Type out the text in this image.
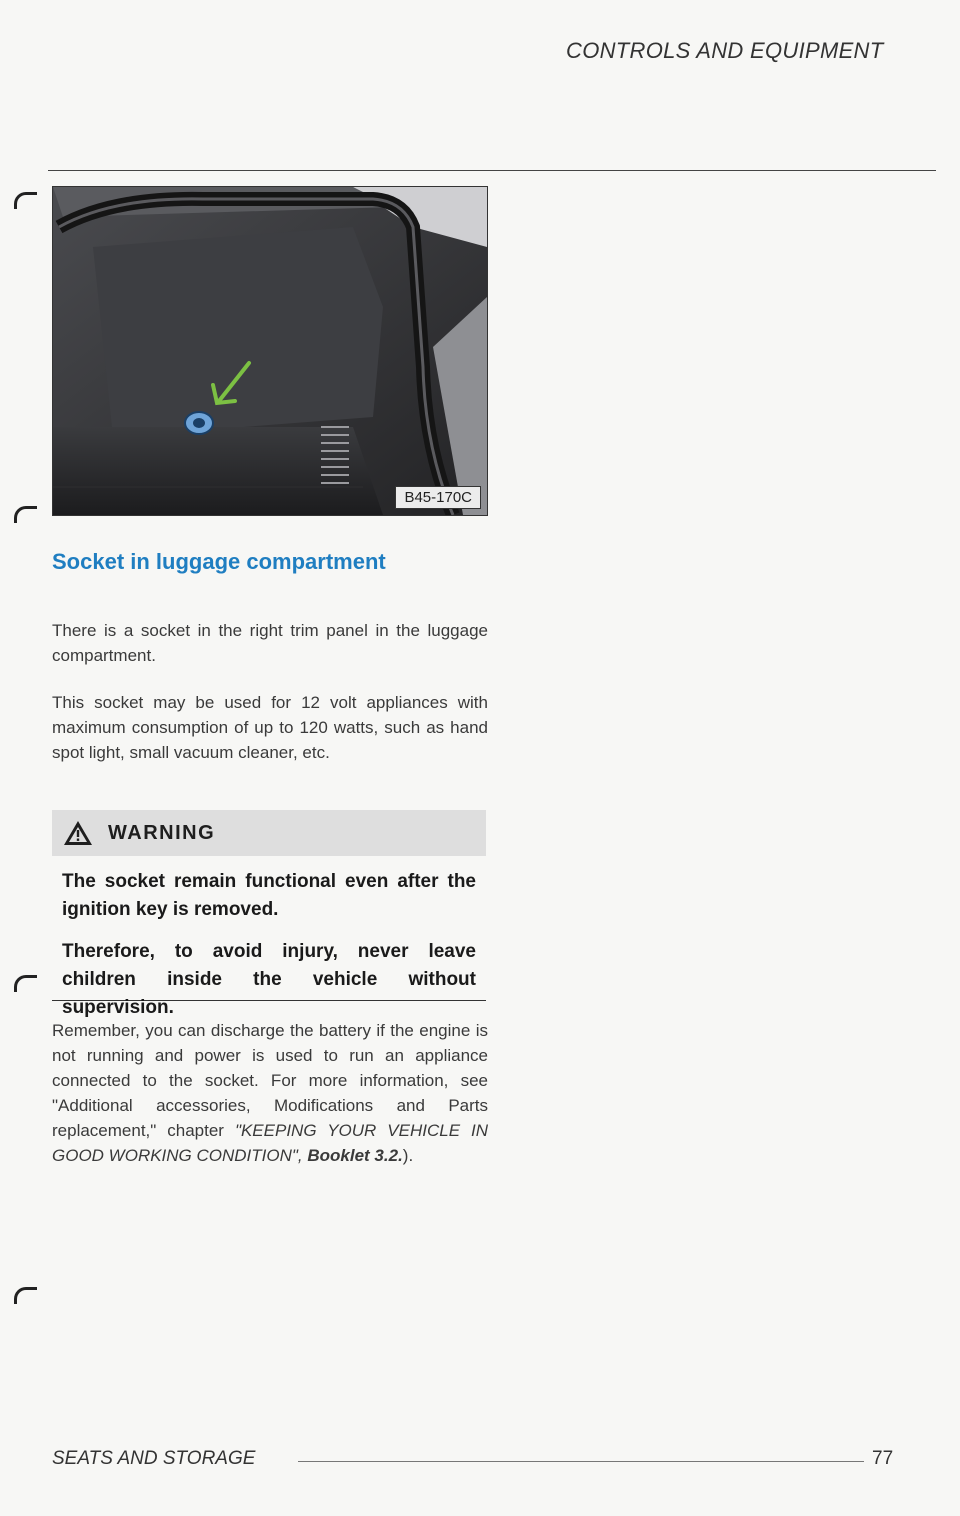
CONTROLS AND EQUIPMENT
B45-170C
Socket in luggage compartment

There is a socket in the right trim panel in the luggage compartment.

This socket may be used for 12 volt appliances with maximum consumption of up to 120 watts, such as hand spot light, small vacuum cleaner, etc.

WARNING

The socket remain functional even after the ignition key is removed.

Therefore, to avoid injury, never leave children inside the vehicle without supervision.

Remember, you can discharge the battery if the engine is not running and power is used to run an appliance connected to the socket. For more information, see "Additional accessories, Modifications and Parts replacement," chapter "KEEPING YOUR VEHICLE IN GOOD WORKING CONDITION", Booklet 3.2.).

SEATS AND STORAGE	77
